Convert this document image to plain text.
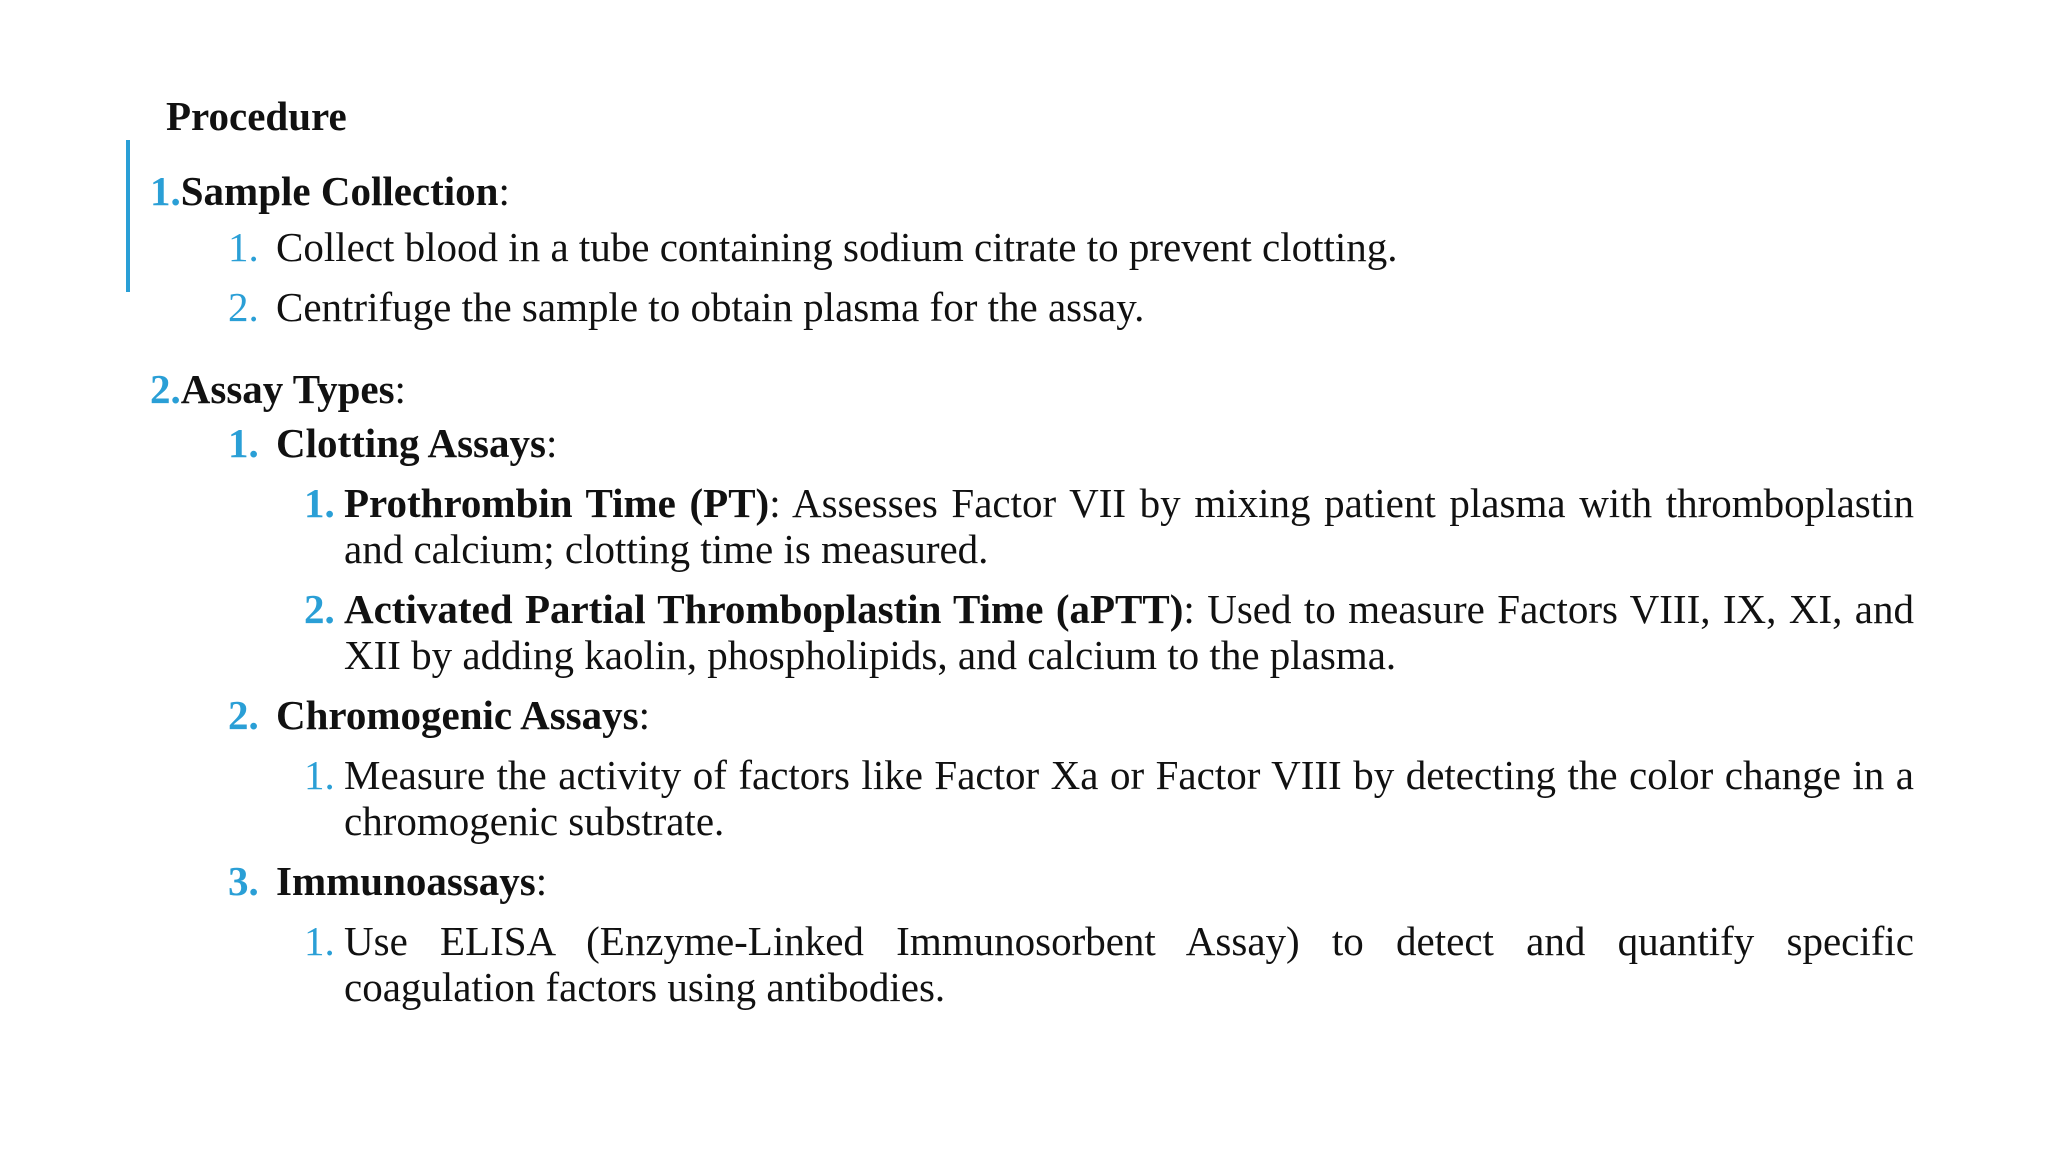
Procedure
1.Sample Collection:
1. Collect blood in a tube containing sodium citrate to prevent clotting.
2. Centrifuge the sample to obtain plasma for the assay.
2.Assay Types:
1. Clotting Assays:
1. Prothrombin Time (PT): Assesses Factor VII by mixing patient plasma with thromboplastin and calcium; clotting time is measured.
2. Activated Partial Thromboplastin Time (aPTT): Used to measure Factors VIII, IX, XI, and XII by adding kaolin, phospholipids, and calcium to the plasma.
2. Chromogenic Assays:
1. Measure the activity of factors like Factor Xa or Factor VIII by detecting the color change in a chromogenic substrate.
3. Immunoassays:
1. Use ELISA (Enzyme-Linked Immunosorbent Assay) to detect and quantify specific coagulation factors using antibodies.
